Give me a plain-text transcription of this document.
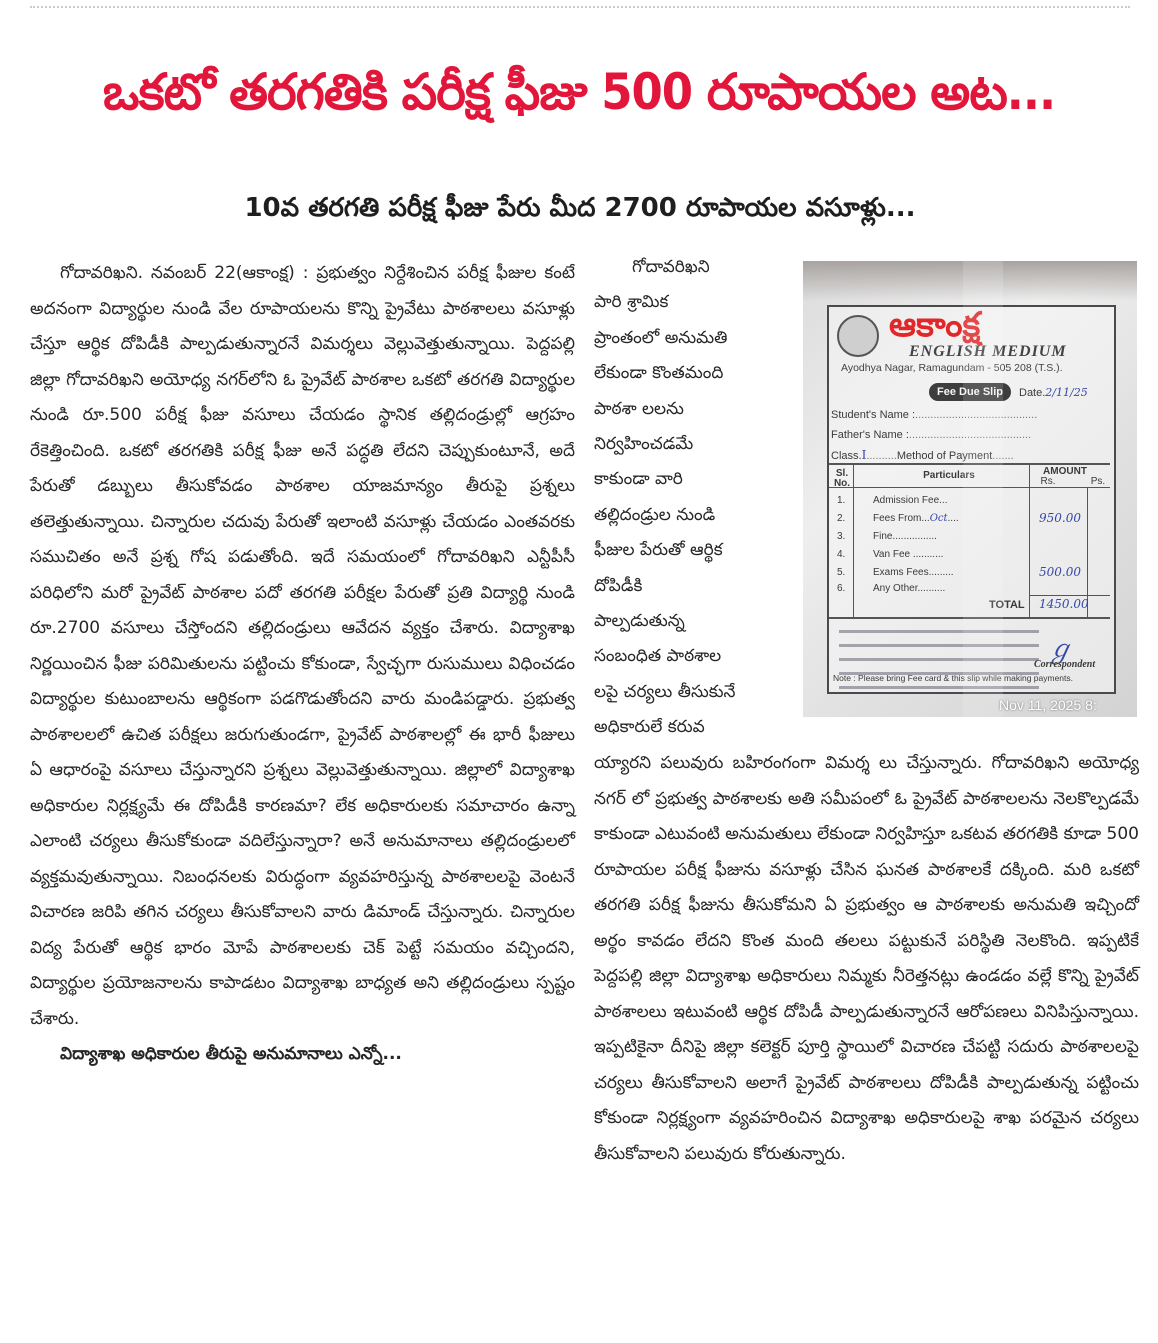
ఒకటో తరగతికి పరీక్ష ఫీజు 500 రూపాయల అట...
10వ తరగతి పరీక్ష ఫీజు పేరు మీద 2700 రూపాయల వసూళ్లు...

గోదావరిఖని. నవంబర్ 22(ఆకాంక్ష) : ప్రభుత్వం నిర్దేశించిన పరీక్ష ఫీజుల కంటే అదనంగా విద్యార్థుల నుండి వేల రూపాయలను కొన్ని ప్రైవేటు పాఠశాలలు వసూళ్లు చేస్తూ ఆర్థిక దోపిడీకి పాల్పడుతున్నారనే విమర్శలు వెల్లువెత్తుతున్నాయి. పెద్దపల్లి జిల్లా గోదావరిఖని అయోధ్య నగర్‌లోని ఓ ప్రైవేట్ పాఠశాల ఒకటో తరగతి విద్యార్థుల నుండి రూ.500 పరీక్ష ఫీజు వసూలు చేయడం స్థానిక తల్లిదండ్రుల్లో ఆగ్రహం రేకెత్తించింది. ఒకటో తరగతికి పరీక్ష ఫీజు అనే పద్ధతి లేదని చెప్పుకుంటూనే, అదే పేరుతో డబ్బులు తీసుకోవడం పాఠశాల యాజమాన్యం తీరుపై ప్రశ్నలు తలెత్తుతున్నాయి. చిన్నారుల చదువు పేరుతో ఇలాంటి వసూళ్లు చేయడం ఎంతవరకు సముచితం అనే ప్రశ్న గోష పడుతోంది. ఇదే సమయంలో గోదావరిఖని ఎన్టీపీసీ పరిధిలోని మరో ప్రైవేట్ పాఠశాల పదో తరగతి పరీక్షల పేరుతో ప్రతి విద్యార్థి నుండి రూ.2700 వసూలు చేస్తోందని తల్లిదండ్రులు ఆవేదన వ్యక్తం చేశారు. విద్యాశాఖ నిర్ణయించిన ఫీజు పరిమితులను పట్టించు కోకుండా, స్వేచ్ఛగా రుసుములు విధించడం విద్యార్థుల కుటుంబాలను ఆర్థికంగా పడగొడుతోందని వారు మండిపడ్డారు. ప్రభుత్వ పాఠశాలలలో ఉచిత పరీక్షలు జరుగుతుండగా, ప్రైవేట్ పాఠశాలల్లో ఈ భారీ ఫీజులు ఏ ఆధారంపై వసూలు చేస్తున్నారని ప్రశ్నలు వెల్లువెత్తుతున్నాయి. జిల్లాలో విద్యాశాఖ అధికారుల నిర్లక్ష్యమే ఈ దోపిడీకి కారణమా? లేక అధికారులకు సమాచారం ఉన్నా ఎలాంటి చర్యలు తీసుకోకుండా వదిలేస్తున్నారా? అనే అనుమానాలు తల్లిదండ్రులలో వ్యక్తమవుతున్నాయి. నిబంధనలకు విరుద్ధంగా వ్యవహరిస్తున్న పాఠశాలలపై వెంటనే విచారణ జరిపి తగిన చర్యలు తీసుకోవాలని వారు డిమాండ్ చేస్తున్నారు. చిన్నారుల విద్య పేరుతో ఆర్థిక భారం మోపే పాఠశాలలకు చెక్ పెట్టే సమయం వచ్చిందని, విద్యార్థుల ప్రయోజనాలను కాపాడటం విద్యాశాఖ బాధ్యత అని తల్లిదండ్రులు స్పష్టం చేశారు.

విద్యాశాఖ అధికారుల తీరుపై అనుమానాలు ఎన్నో...
గోదావరిఖని
పారి శ్రామిక
ప్రాంతంలో అనుమతి
లేకుండా కొంతమంది
పాఠశా లలను
నిర్వహించడమే
కాకుండా వారి
తల్లిదండ్రుల నుండి
ఫీజుల పేరుతో ఆర్థిక
దోపిడీకి
పాల్పడుతున్న
సంబంధిత పాఠశాల
లపై చర్యలు తీసుకునే
అధికారులే కరువ
ఆకాంక్ష
ENGLISH MEDIUM
Ayodhya Nagar, Ramagundam - 505 208 (T.S.).
Fee Due Slip	Date.2/11/25
Student's Name :........................................
Father's Name :........................................
Class.I..........Method of Payment.......
Sl. No.
Particulars	AMOUNT
Rs.	Ps.
1.	Admission Fee...
2.	Fees From...Oct....	950.00
3.	Fine................
4.	Van Fee ...........
5.	Exams Fees.........	500.00
6.	Any Other..........
TOTAL 1450.00
ℊ
Correspondent
Note : Please bring Fee card & this slip while making payments.
Nov 11, 2025 8:

య్యారని పలువురు బహిరంగంగా విమర్శ లు చేస్తున్నారు. గోదావరిఖని అయోధ్య నగర్ లో ప్రభుత్వ పాఠశాలకు అతి సమీపంలో ఓ ప్రైవేట్ పాఠశాలలను నెలకొల్పడమే కాకుండా ఎటువంటి అనుమతులు లేకుండా నిర్వహిస్తూ ఒకటవ తరగతికి కూడా 500 రూపాయల పరీక్ష ఫీజును వసూళ్లు చేసిన ఘనత పాఠశాలకే దక్కింది. మరి ఒకటో తరగతి పరీక్ష ఫీజును తీసుకోమని ఏ ప్రభుత్వం ఆ పాఠశాలకు అనుమతి ఇచ్చిందో అర్థం కావడం లేదని కొంత మంది తలలు పట్టుకునే పరిస్థితి నెలకొంది. ఇప్పటికే పెద్దపల్లి జిల్లా విద్యాశాఖ అధికారులు నిమ్మకు నీరెత్తనట్లు ఉండడం వల్లే కొన్ని ప్రైవేట్ పాఠశాలలు ఇటువంటి ఆర్థిక దోపిడీ పాల్పడుతున్నారనే ఆరోపణలు వినిపిస్తున్నాయి. ఇప్పటికైనా దీనిపై జిల్లా కలెక్టర్ పూర్తి స్థాయిలో విచారణ చేపట్టి సదురు పాఠశాలలపై చర్యలు తీసుకోవాలని అలాగే ప్రైవేట్ పాఠశాలలు దోపిడీకి పాల్పడుతున్న పట్టించు కోకుండా నిర్లక్ష్యంగా వ్యవహరించిన విద్యాశాఖ అధికారులపై శాఖ పరమైన చర్యలు తీసుకోవాలని పలువురు కోరుతున్నారు.
